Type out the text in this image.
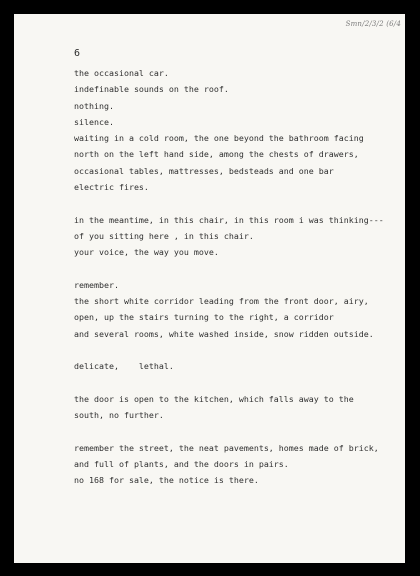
Smn/2/3/2 (6/4
6
the occasional car.
indefinable sounds on the roof.
nothing.
silence.
waiting in a cold room, the one beyond the bathroom facing
north on the left hand side, among the chests of drawers,
occasional tables, mattresses, bedsteads and one bar
electric fires.
in the meantime, in this chair, in this room i was thinking---
of you sitting here , in this chair.
your voice, the way you move.
remember.
the short white corridor leading from the front door, airy,
open, up the stairs turning to the right, a corridor
and several rooms, white washed inside, snow ridden outside.
delicate,    lethal.
the door is open to the kitchen, which falls away to the
south, no further.
remember the street, the neat pavements, homes made of brick,
and full of plants, and the doors in pairs.
no 168 for sale, the notice is there.
